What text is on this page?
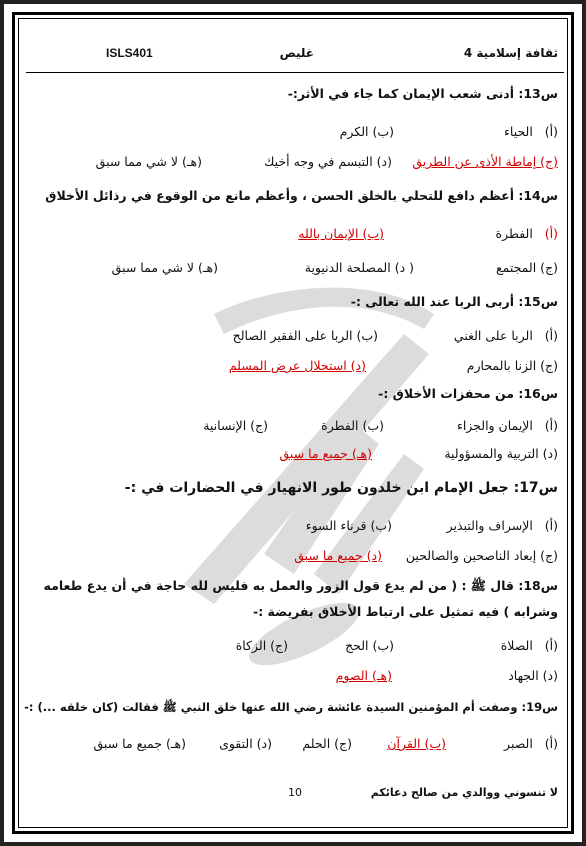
ثقافة إسلامية 4
غليص
ISLS401
س13: أدنى شعب الإيمان كما جاء في الأثر:-
(أ)   الحياء
(ب) الكرم
(ج) إماطة الأذى عن الطريق
(د) التبسم في وجه أخيك
(هـ) لا شي مما سبق
س14: أعظم دافع للتحلي بالخلق الحسن ، وأعظم مانع من الوقوع في رذائل الأخلاق
(أ)   الفطرة
(ب) الإيمان بالله
(ج) المجتمع
( د) المصلحة الدنيوية
(هـ) لا شي مما سبق
س15: أربى الربا عند الله تعالى :-
(أ)   الربا على الغني
(ب) الربا على الفقير الصالح
(ج) الزنا بالمحارم
(د) استحلال عرض المسلم
س16: من محفزات الأخلاق :-
(أ)   الإيمان والجزاء
(ب) الفطرة
(ج) الإنسانية
(د) التربية والمسؤولية
(هـ) جميع ما سبق
س17: جعل الإمام ابن خلدون طور الانهيار في الحضارات في :-
(أ)   الإسراف والتبذير
(ب) قرناء السوء
(ج) إبعاد الناصحين والصالحين
(د) جميع ما سبق
س18: قال ﷺ : ( من لم يدع قول الزور والعمل به فليس لله حاجة في أن يدع طعامه
وشرابه ) فيه تمثيل على ارتباط الأخلاق بفريضة :-
(أ)   الصلاة
(ب) الحج
(ج) الزكاة
(د) الجهاد
(هـ) الصوم
س19: وصفت أم المؤمنين السيدة عائشة رضي الله عنها خلق النبي ﷺ فقالت (كان خلقه ...) :-
(أ)   الصبر
(ب) القرآن
(ج) الحلم
(د) التقوى
(هـ) جميع ما سبق
لا تنسوني ووالدي من صالح دعائكم
10
